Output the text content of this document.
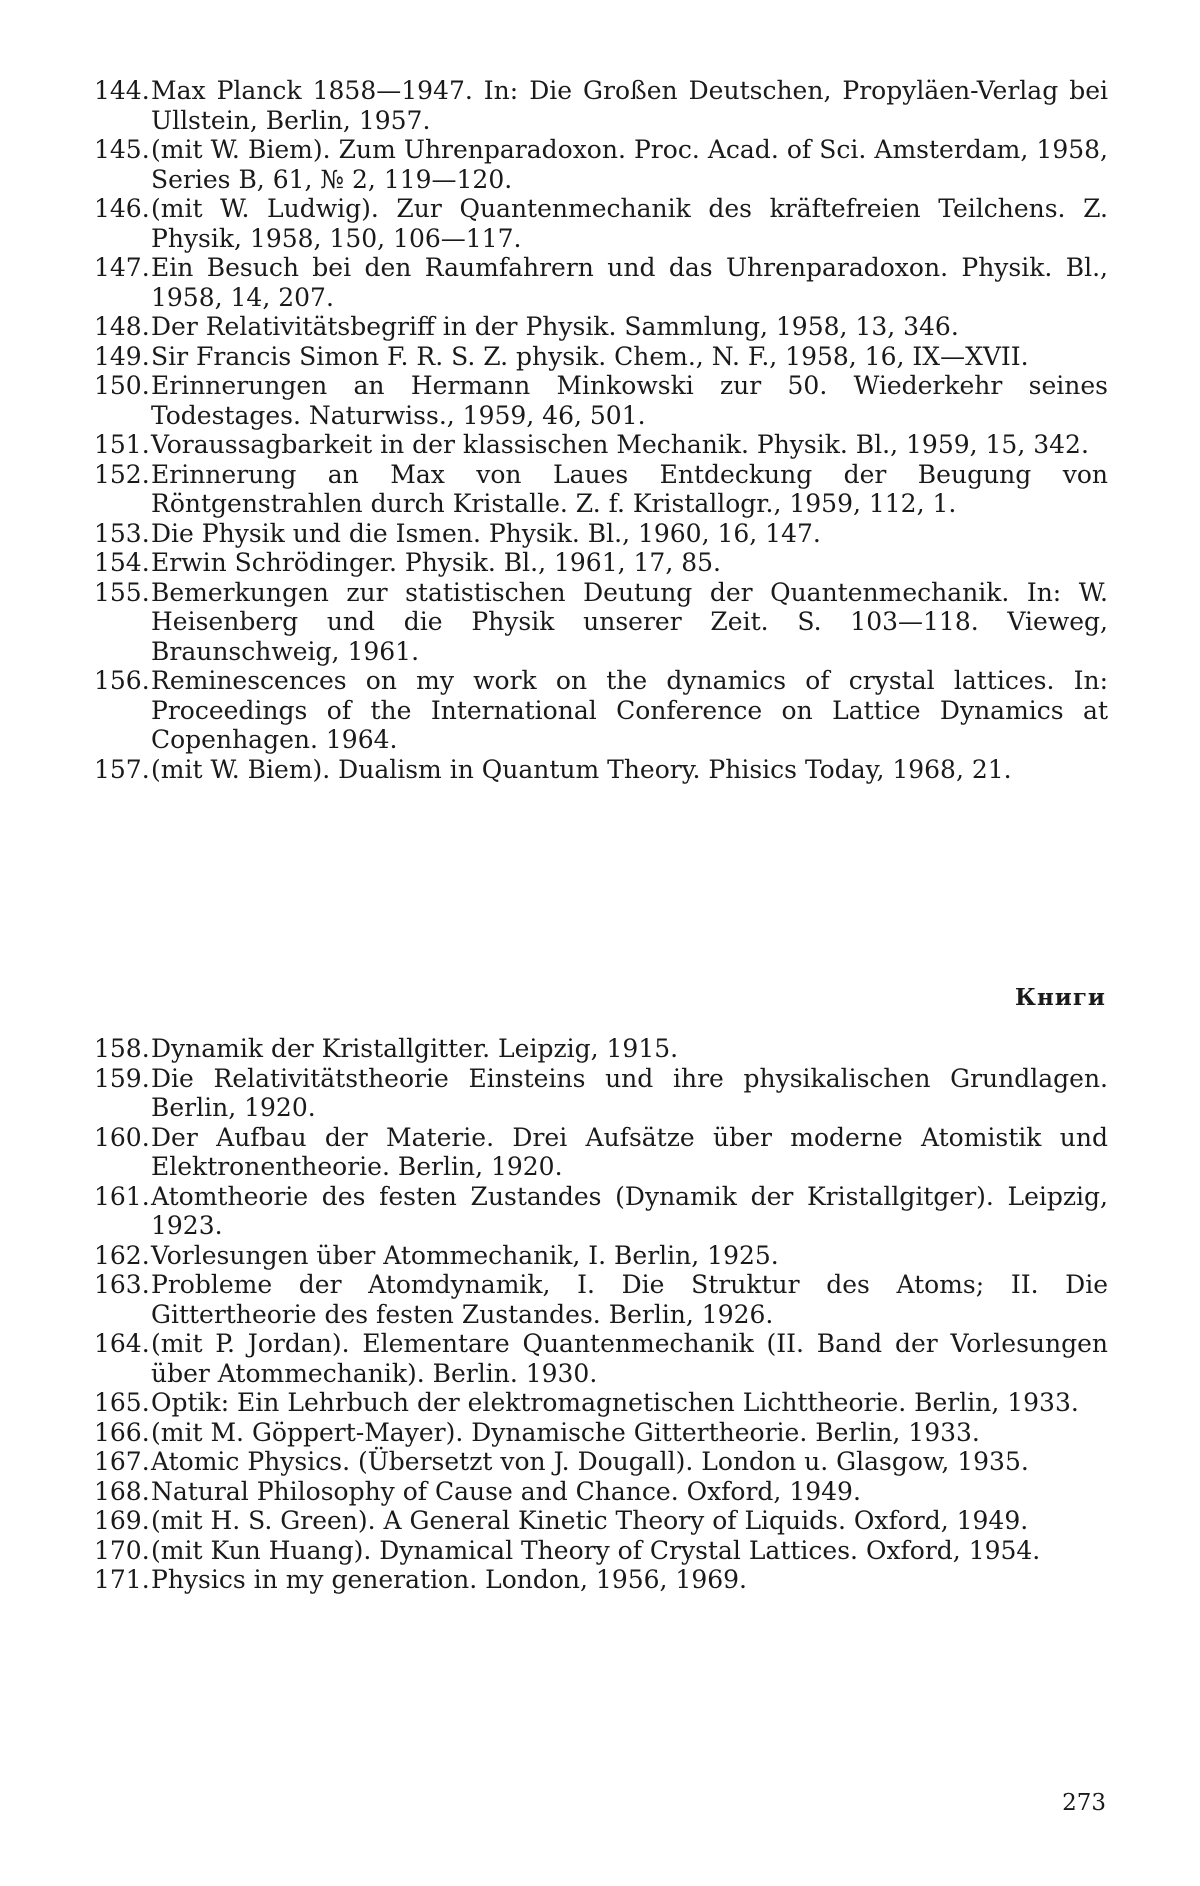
144. Max Planck 1858—1947. In: Die Großen Deutschen, Propyläen-Verlag bei Ullstein, Berlin, 1957.
145. (mit W. Biem). Zum Uhrenparadoxon. Proc. Acad. of Sci. Amsterdam, 1958, Series B, 61, № 2, 119—120.
146. (mit W. Ludwig). Zur Quantenmechanik des kräftefreien Teilchens. Z. Physik, 1958, 150, 106—117.
147. Ein Besuch bei den Raumfahrern und das Uhrenparadoxon. Physik. Bl., 1958, 14, 207.
148. Der Relativitätsbegriff in der Physik. Sammlung, 1958, 13, 346.
149. Sir Francis Simon F. R. S. Z. physik. Chem., N. F., 1958, 16, IX—XVII.
150. Erinnerungen an Hermann Minkowski zur 50. Wiederkehr seines Todestages. Naturwiss., 1959, 46, 501.
151. Voraussagbarkeit in der klassischen Mechanik. Physik. Bl., 1959, 15, 342.
152. Erinnerung an Max von Laues Entdeckung der Beugung von Röntgenstrahlen durch Kristalle. Z. f. Kristallogr., 1959, 112, 1.
153. Die Physik und die Ismen. Physik. Bl., 1960, 16, 147.
154. Erwin Schrödinger. Physik. Bl., 1961, 17, 85.
155. Bemerkungen zur statistischen Deutung der Quantenmechanik. In: W. Heisenberg und die Physik unserer Zeit. S. 103—118. Vieweg, Braunschweig, 1961.
156. Reminescences on my work on the dynamics of crystal lattices. In: Proceedings of the International Conference on Lattice Dynamics at Copenhagen. 1964.
157. (mit W. Biem). Dualism in Quantum Theory. Phisics Today, 1968, 21.
Книги
158. Dynamik der Kristallgitter. Leipzig, 1915.
159. Die Relativitätstheorie Einsteins und ihre physikalischen Grundlagen. Berlin, 1920.
160. Der Aufbau der Materie. Drei Aufsätze über moderne Atomistik und Elektronentheorie. Berlin, 1920.
161. Atomtheorie des festen Zustandes (Dynamik der Kristallgitger). Leipzig, 1923.
162. Vorlesungen über Atommechanik, I. Berlin, 1925.
163. Probleme der Atomdynamik, I. Die Struktur des Atoms; II. Die Gittertheorie des festen Zustandes. Berlin, 1926.
164. (mit P. Jordan). Elementare Quantenmechanik (II. Band der Vorlesungen über Atommechanik). Berlin. 1930.
165. Optik: Ein Lehrbuch der elektromagnetischen Lichttheorie. Berlin, 1933.
166. (mit M. Göppert-Mayer). Dynamische Gittertheorie. Berlin, 1933.
167. Atomic Physics. (Übersetzt von J. Dougall). London u. Glasgow, 1935.
168. Natural Philosophy of Cause and Chance. Oxford, 1949.
169. (mit H. S. Green). A General Kinetic Theory of Liquids. Oxford, 1949.
170. (mit Kun Huang). Dynamical Theory of Crystal Lattices. Oxford, 1954.
171. Physics in my generation. London, 1956, 1969.
273
